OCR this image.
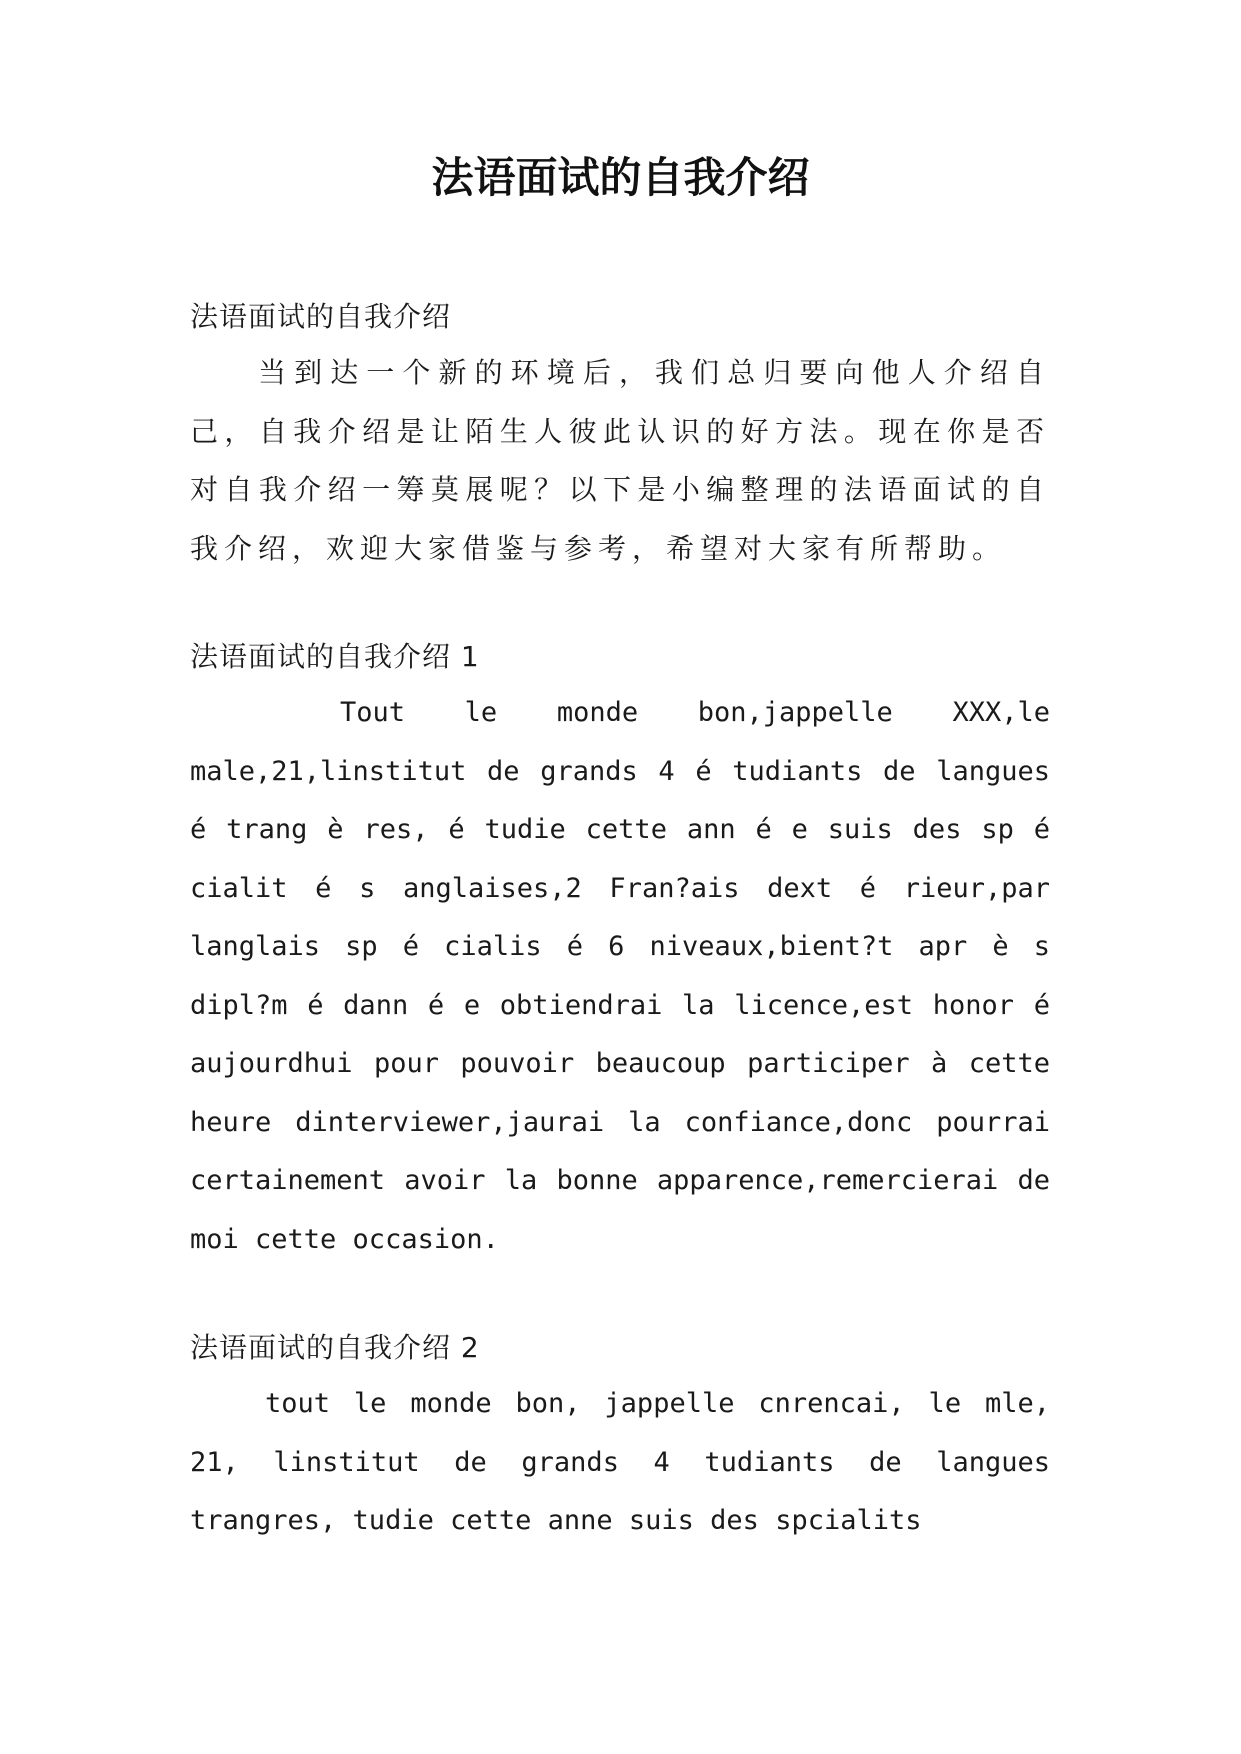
法语面试的自我介绍
法语面试的自我介绍

当到达一个新的环境后，我们总归要向他人介绍自己，自我介绍是让陌生人彼此认识的好方法。现在你是否对自我介绍一筹莫展呢？以下是小编整理的法语面试的自我介绍，欢迎大家借鉴与参考，希望对大家有所帮助。

法语面试的自我介绍 1

Tout le monde bon,jappelle XXX,le male,21,linstitut de grands 4 é tudiants de langues é trang è res, é tudie cette ann é e suis des sp é cialit é s anglaises,2 Fran?ais dext é rieur,par langlais sp é cialis é 6 niveaux,bient?t apr è s dipl?m é dann é e obtiendrai la licence,est honor é aujourdhui pour pouvoir beaucoup participer à cette heure dinterviewer,jaurai la confiance,donc pourrai certainement avoir la bonne apparence,remercierai de moi cette occasion.

法语面试的自我介绍 2

tout le monde bon, jappelle cnrencai, le mle, 21, linstitut de grands 4 tudiants de langues trangres, tudie cette anne suis des spcialits
